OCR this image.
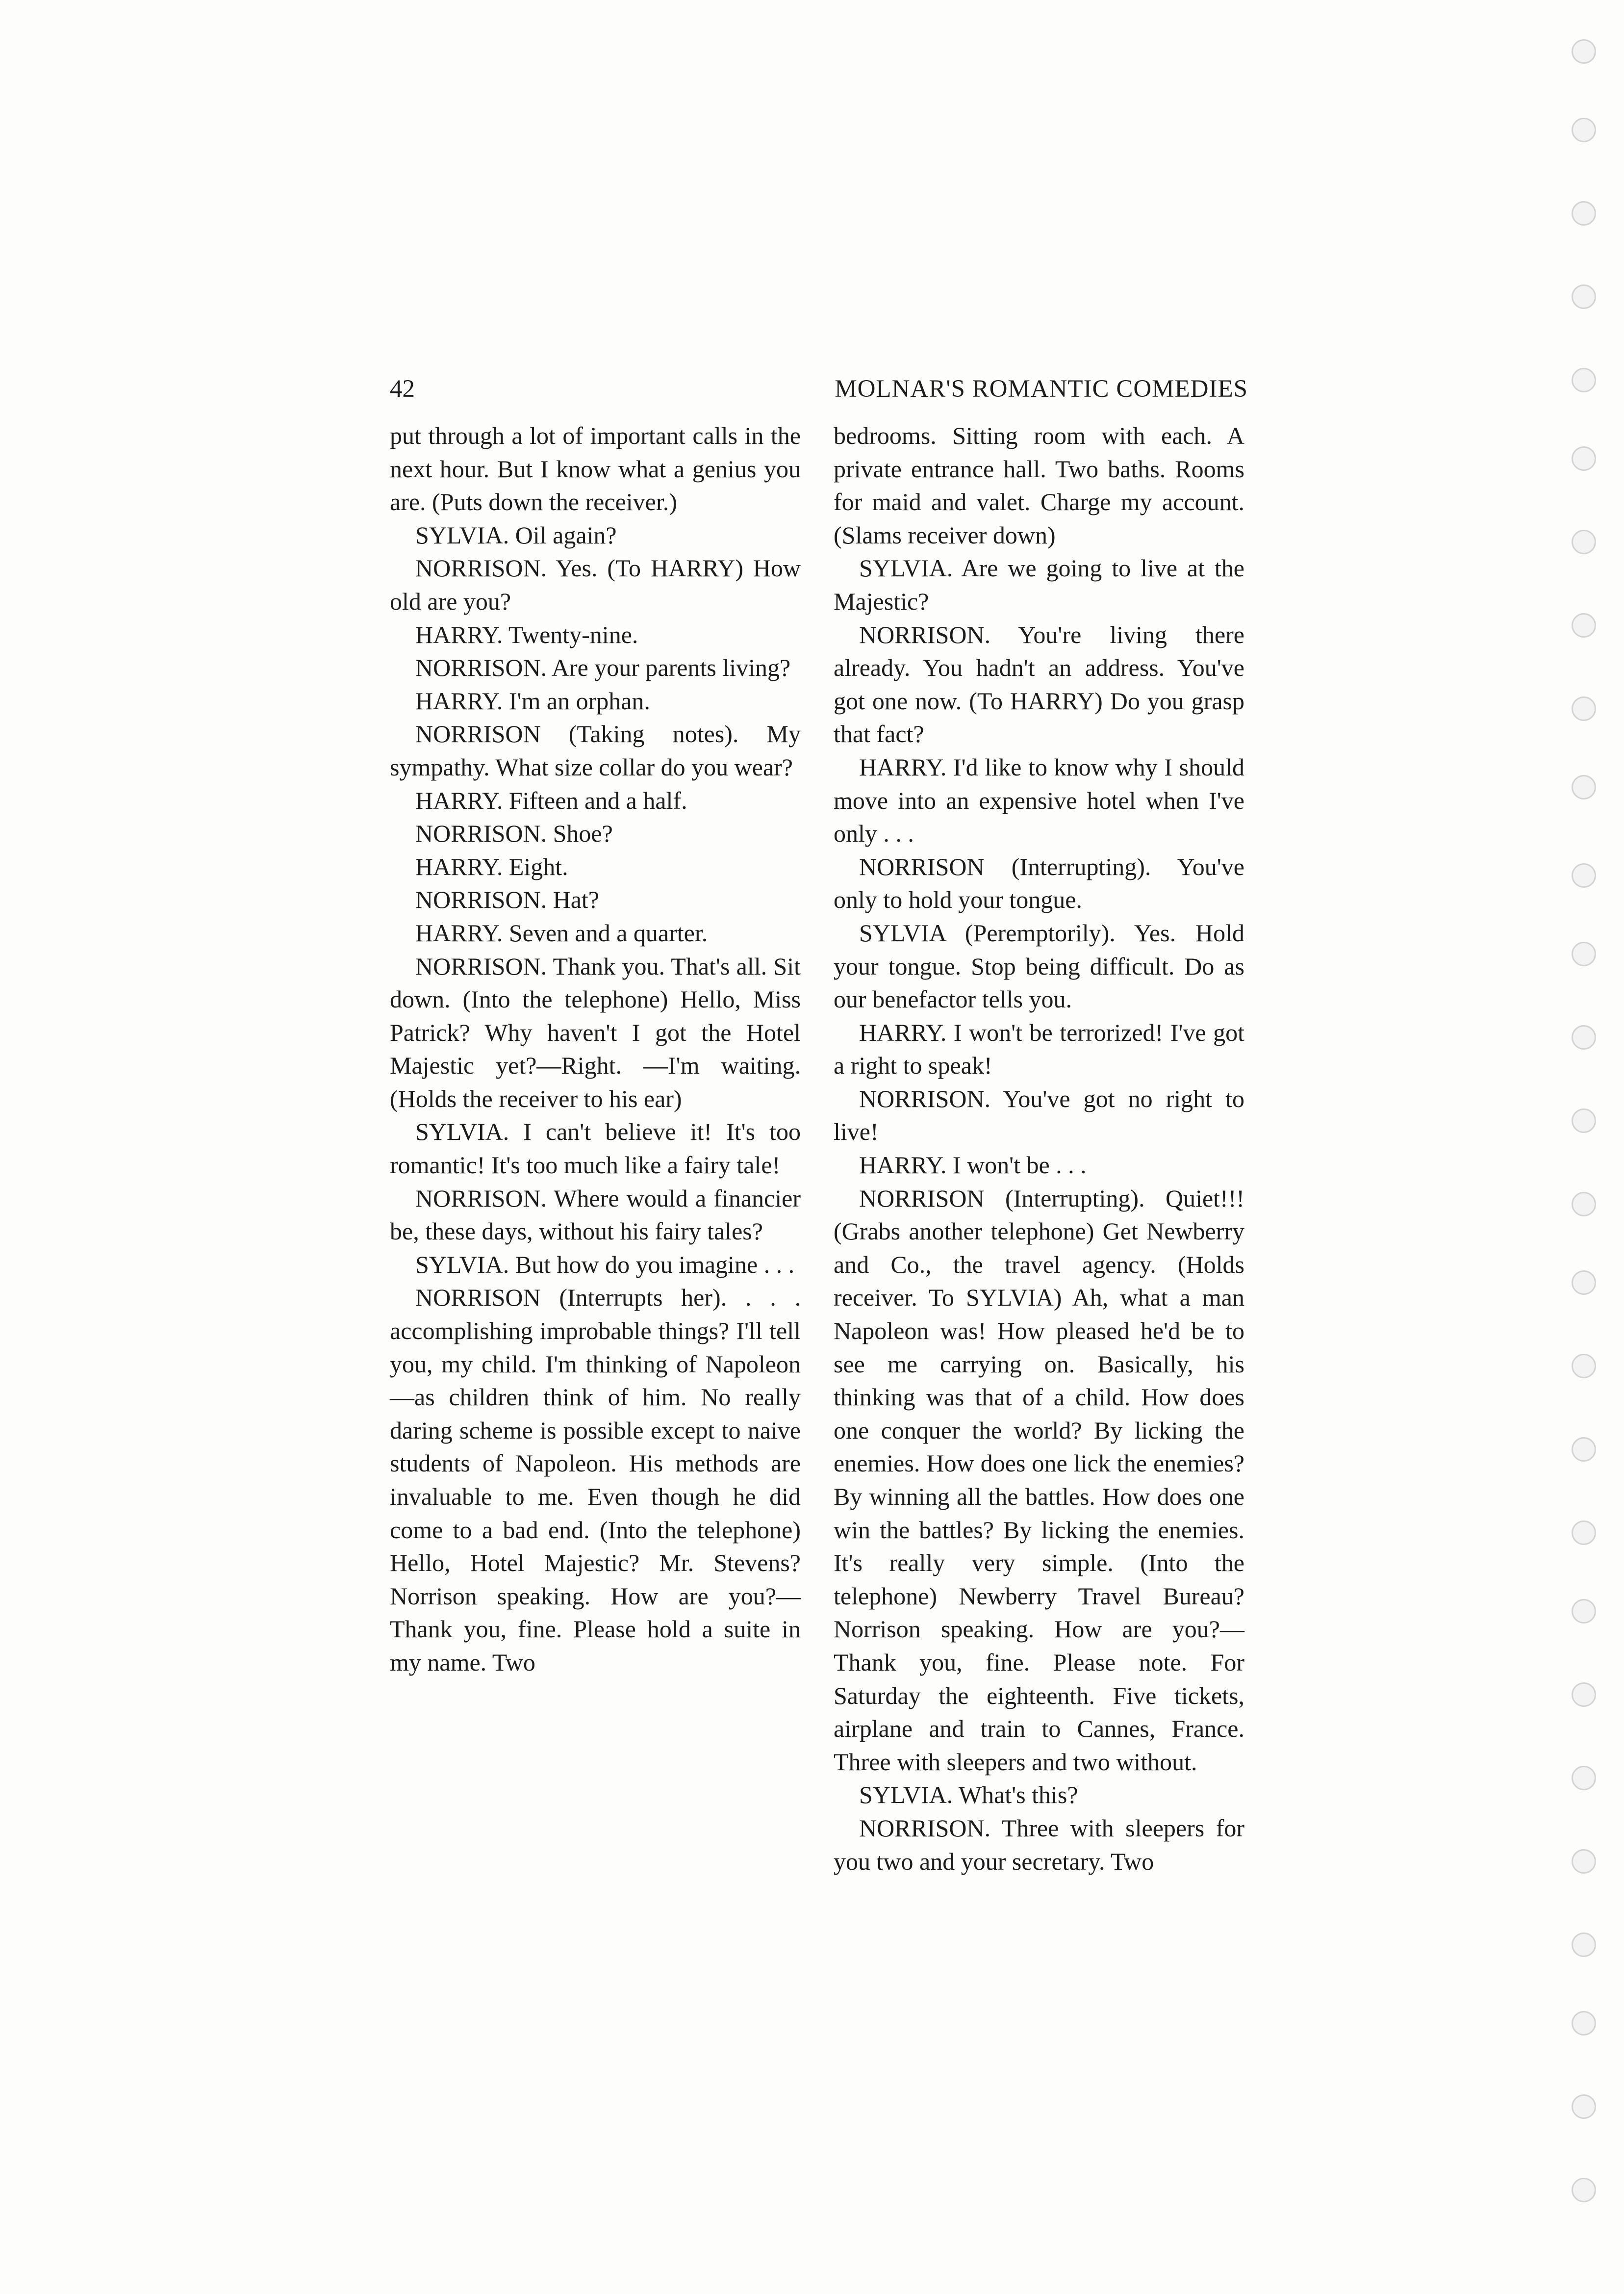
42	MOLNAR'S ROMANTIC COMEDIES

put through a lot of important calls in the next hour. But I know what a genius you are. (Puts down the receiver.)

SYLVIA. Oil again?

NORRISON. Yes. (To HARRY) How old are you?

HARRY. Twenty-nine.

NORRISON. Are your parents living?

HARRY. I'm an orphan.

NORRISON (Taking notes). My sympathy. What size collar do you wear?

HARRY. Fifteen and a half.

NORRISON. Shoe?

HARRY. Eight.

NORRISON. Hat?

HARRY. Seven and a quarter.

NORRISON. Thank you. That's all. Sit down. (Into the telephone) Hello, Miss Patrick? Why haven't I got the Hotel Majestic yet?—Right. —I'm waiting. (Holds the receiver to his ear)

SYLVIA. I can't believe it! It's too romantic! It's too much like a fairy tale!

NORRISON. Where would a financier be, these days, without his fairy tales?

SYLVIA. But how do you imagine . . .

NORRISON (Interrupts her). . . . accomplishing improbable things? I'll tell you, my child. I'm thinking of Napoleon—as children think of him. No really daring scheme is possible except to naive students of Napoleon. His methods are invaluable to me. Even though he did come to a bad end. (Into the telephone) Hello, Hotel Majestic? Mr. Stevens? Norrison speaking. How are you?—Thank you, fine. Please hold a suite in my name. Two

bedrooms. Sitting room with each. A private entrance hall. Two baths. Rooms for maid and valet. Charge my account. (Slams receiver down)

SYLVIA. Are we going to live at the Majestic?

NORRISON. You're living there already. You hadn't an address. You've got one now. (To HARRY) Do you grasp that fact?

HARRY. I'd like to know why I should move into an expensive hotel when I've only . . .

NORRISON (Interrupting). You've only to hold your tongue.

SYLVIA (Peremptorily). Yes. Hold your tongue. Stop being difficult. Do as our benefactor tells you.

HARRY. I won't be terrorized! I've got a right to speak!

NORRISON. You've got no right to live!

HARRY. I won't be . . .

NORRISON (Interrupting). Quiet!!! (Grabs another telephone) Get Newberry and Co., the travel agency. (Holds receiver. To SYLVIA) Ah, what a man Napoleon was! How pleased he'd be to see me carrying on. Basically, his thinking was that of a child. How does one conquer the world? By licking the enemies. How does one lick the enemies? By winning all the battles. How does one win the battles? By licking the enemies. It's really very simple. (Into the telephone) Newberry Travel Bureau? Norrison speaking. How are you?—Thank you, fine. Please note. For Saturday the eighteenth. Five tickets, airplane and train to Cannes, France. Three with sleepers and two without.

SYLVIA. What's this?

NORRISON. Three with sleepers for you two and your secretary. Two
